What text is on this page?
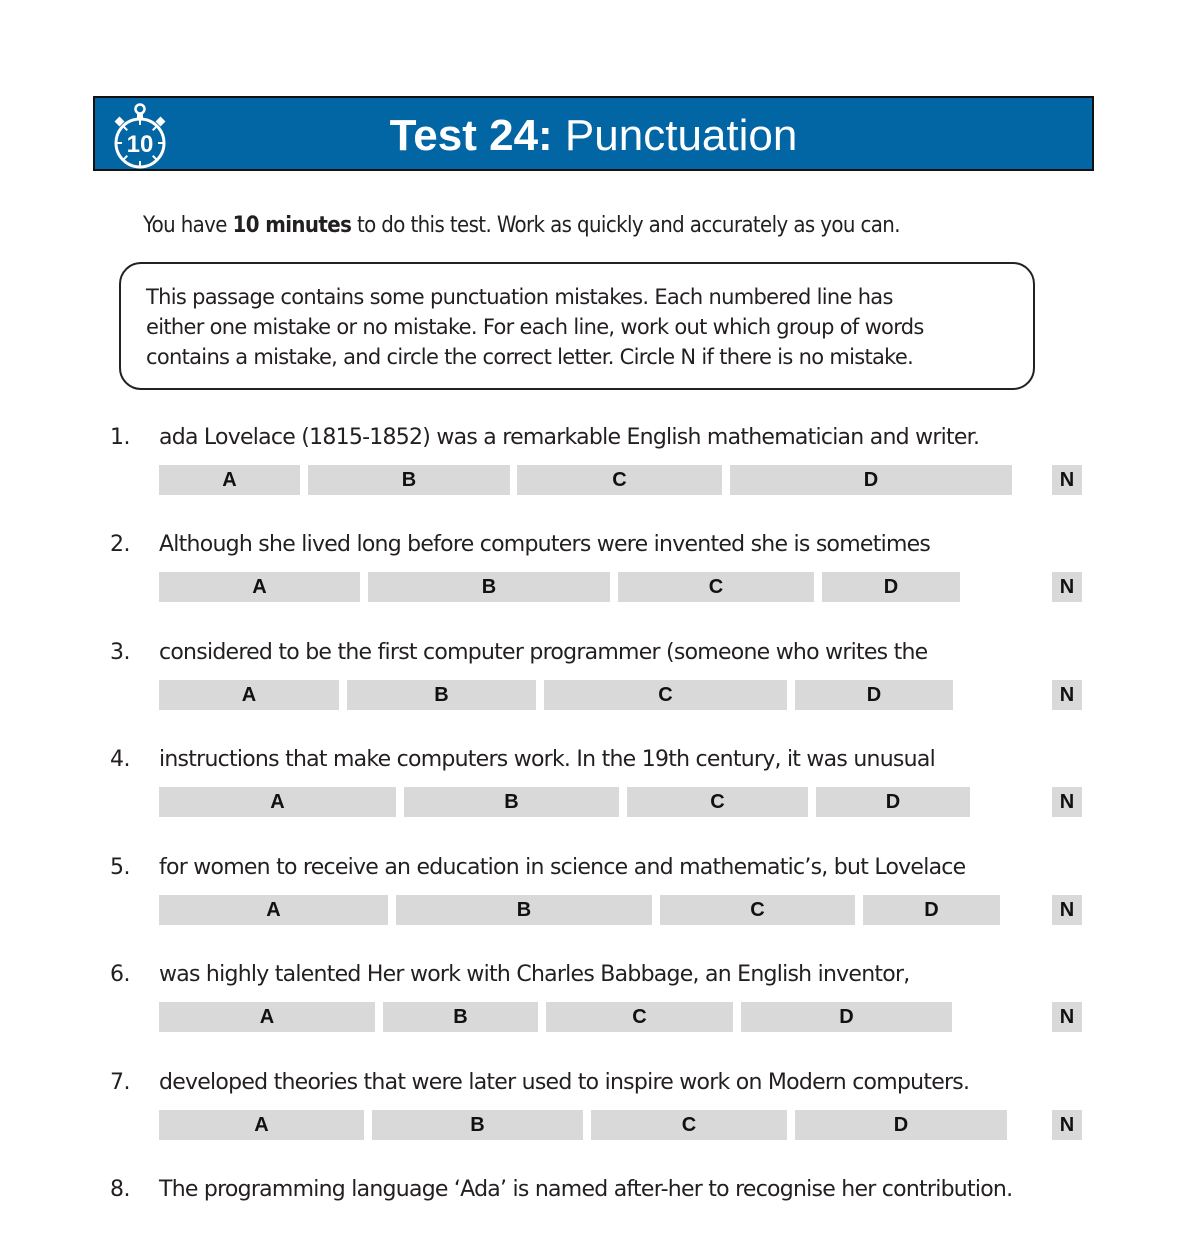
10	Test 24: Punctuation
You have 10 minutes to do this test. Work as quickly and accurately as you can.
This passage contains some punctuation mistakes. Each numbered line has
either one mistake or no mistake. For each line, work out which group of words
contains a mistake, and circle the correct letter. Circle N if there is no mistake.
1. ada Lovelace (1815-1852) was a remarkable English mathematician and writer.
A	B	C	D	N
2. Although she lived long before computers were invented she is sometimes
A	B	C	D	N
3. considered to be the first computer programmer (someone who writes the
A	B	C	D	N
4. instructions that make computers work. In the 19th century, it was unusual
A	B	C	D	N
5. for women to receive an education in science and mathematic’s, but Lovelace
A	B	C	D	N
6. was highly talented Her work with Charles Babbage, an English inventor,
A	B	C	D	N
7. developed theories that were later used to inspire work on Modern computers.
A	B	C	D	N
8. The programming language ‘Ada’ is named after-her to recognise her contribution.
